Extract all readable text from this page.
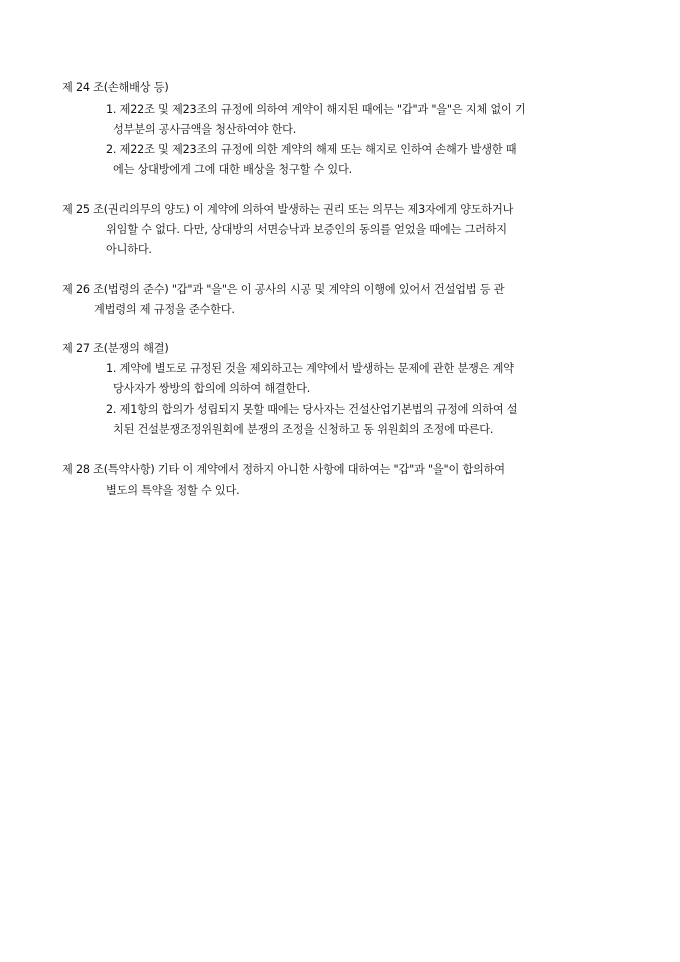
제 24 조(손해배상 등)
1. 제22조 및 제23조의 규정에 의하여 계약이 해지된 때에는 "갑"과 "을"은 지체 없이 기
성부분의 공사금액을 청산하여야 한다.
2. 제22조 및 제23조의 규정에 의한 계약의 해제 또는 해지로 인하여 손해가 발생한 때
에는 상대방에게 그에 대한 배상을 청구할 수 있다.
제 25 조(권리의무의 양도) 이 계약에 의하여 발생하는 권리 또는 의무는 제3자에게 양도하거나
위임할 수 없다. 다만, 상대방의 서면승낙과 보증인의 동의를 얻었을 때에는 그러하지
아니하다.
제 26 조(법령의 준수) "갑"과 "을"은 이 공사의 시공 및 계약의 이행에 있어서 건설업법 등 관
계법령의 제 규정을 준수한다.
제 27 조(분쟁의 해결)
1. 계약에 별도로 규정된 것을 제외하고는 계약에서 발생하는 문제에 관한 분쟁은 계약
당사자가 쌍방의 합의에 의하여 해결한다.
2. 제1항의 합의가 성립되지 못할 때에는 당사자는 건설산업기본법의 규정에 의하여 설
치된 건설분쟁조정위원회에 분쟁의 조정을 신청하고 동 위원회의 조정에 따른다.
제 28 조(특약사항) 기타 이 계약에서 정하지 아니한 사항에 대하여는 "갑"과 "을"이 합의하여
별도의 특약을 정할 수 있다.
